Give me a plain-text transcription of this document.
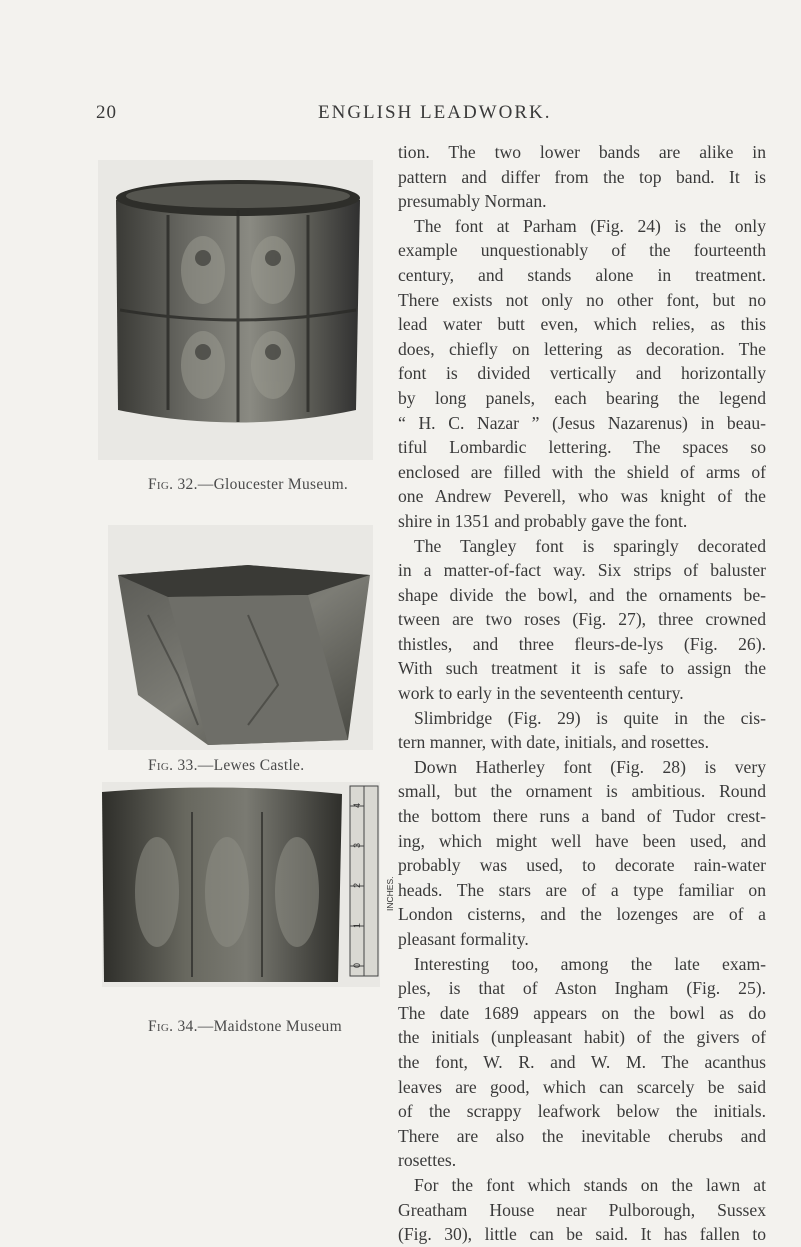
20	ENGLISH LEADWORK.
Fig. 32.—Gloucester Museum.
Fig. 33.—Lewes Castle.
4
3
2
1
0
INCHES.
Fig. 34.—Maidstone Museum
tion. The two lower bands are alike in
pattern and differ from the top band. It is
presumably Norman.
The font at Parham (Fig. 24) is the only
example unquestionably of the fourteenth
century, and stands alone in treatment.
There exists not only no other font, but no
lead water butt even, which relies, as this
does, chiefly on lettering as decoration. The
font is divided vertically and horizontally
by long panels, each bearing the legend
“ H. C. Nazar ” (Jesus Nazarenus) in beau-
tiful Lombardic lettering. The spaces so
enclosed are filled with the shield of arms of
one Andrew Peverell, who was knight of the
shire in 1351 and probably gave the font.
The Tangley font is sparingly decorated
in a matter-of-fact way. Six strips of baluster
shape divide the bowl, and the ornaments be-
tween are two roses (Fig. 27), three crowned
thistles, and three fleurs-de-lys (Fig. 26).
With such treatment it is safe to assign the
work to early in the seventeenth century.
Slimbridge (Fig. 29) is quite in the cis-
tern manner, with date, initials, and rosettes.
Down Hatherley font (Fig. 28) is very
small, but the ornament is ambitious. Round
the bottom there runs a band of Tudor crest-
ing, which might well have been used, and
probably was used, to decorate rain-water
heads. The stars are of a type familiar on
London cisterns, and the lozenges are of a
pleasant formality.
Interesting too, among the late exam-
ples, is that of Aston Ingham (Fig. 25).
The date 1689 appears on the bowl as do
the initials (unpleasant habit) of the givers of
the font, W. R. and W. M. The acanthus
leaves are good, which can scarcely be said
of the scrappy leafwork below the initials.
There are also the inevitable cherubs and
rosettes.
For the font which stands on the lawn at
Greatham House near Pulborough, Sussex
(Fig. 30), little can be said. It has fallen to
